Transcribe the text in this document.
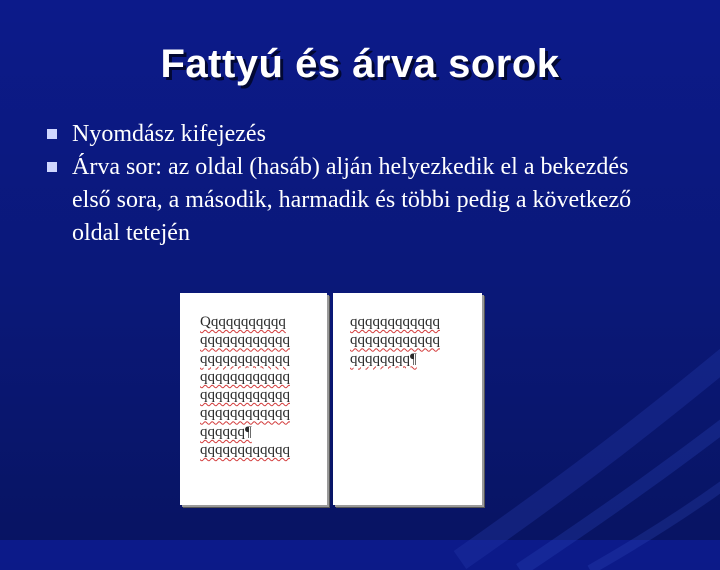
Fattyú és árva sorok
Nyomdász kifejezés
Árva sor: az oldal (hasáb) alján helyezkedik el a bekezdés első sora, a második, harmadik és többi pedig a következő oldal tetején
Qqqqqqqqqqq
qqqqqqqqqqqq
qqqqqqqqqqqq
qqqqqqqqqqqq
qqqqqqqqqqqq
qqqqqqqqqqqq
qqqqqq¶
qqqqqqqqqqqq
qqqqqqqqqqqq
qqqqqqqqqqqq
qqqqqqqq¶
